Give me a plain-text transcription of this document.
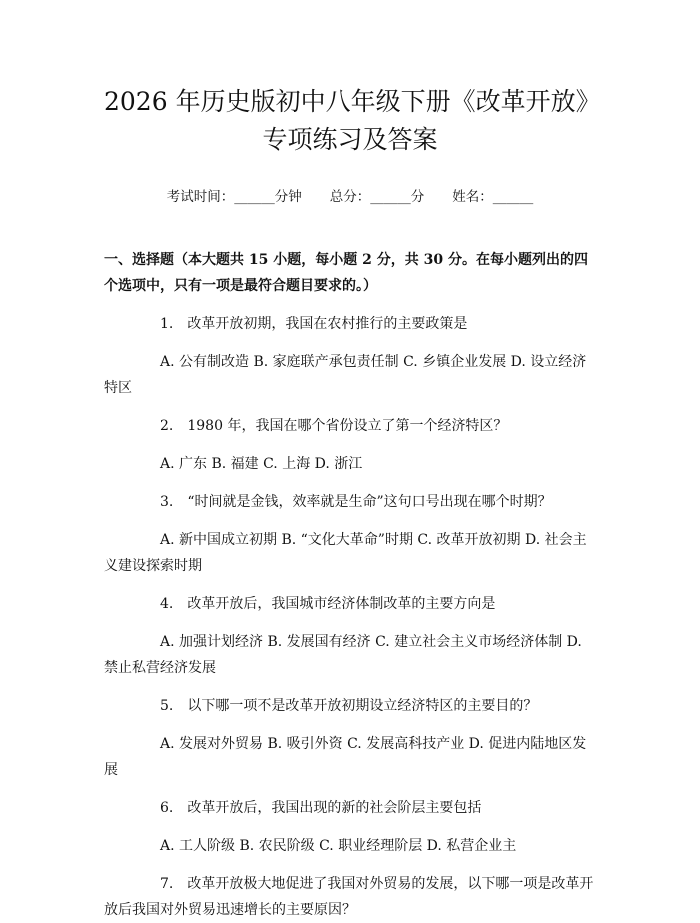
2026 年历史版初中八年级下册《改革开放》
专项练习及答案
考试时间：______分钟 总分：______分 姓名：______
一、选择题（本大题共 15 小题，每小题 2 分，共 30 分。在每小题列出的四个选项中，只有一项是最符合题目要求的。）
1. 改革开放初期，我国在农村推行的主要政策是
A. 公有制改造 B. 家庭联产承包责任制 C. 乡镇企业发展 D. 设立经济特区
2. 1980 年，我国在哪个省份设立了第一个经济特区？
A. 广东 B. 福建 C. 上海 D. 浙江
3. “时间就是金钱，效率就是生命”这句口号出现在哪个时期？
A. 新中国成立初期 B. “文化大革命”时期 C. 改革开放初期 D. 社会主义建设探索时期
4. 改革开放后，我国城市经济体制改革的主要方向是
A. 加强计划经济 B. 发展国有经济 C. 建立社会主义市场经济体制 D. 禁止私营经济发展
5. 以下哪一项不是改革开放初期设立经济特区的主要目的？
A. 发展对外贸易 B. 吸引外资 C. 发展高科技产业 D. 促进内陆地区发展
6. 改革开放后，我国出现的新的社会阶层主要包括
A. 工人阶级 B. 农民阶级 C. 职业经理阶层 D. 私营企业主
7. 改革开放极大地促进了我国对外贸易的发展，以下哪一项是改革开放后我国对外贸易迅速增长的主要原因？
